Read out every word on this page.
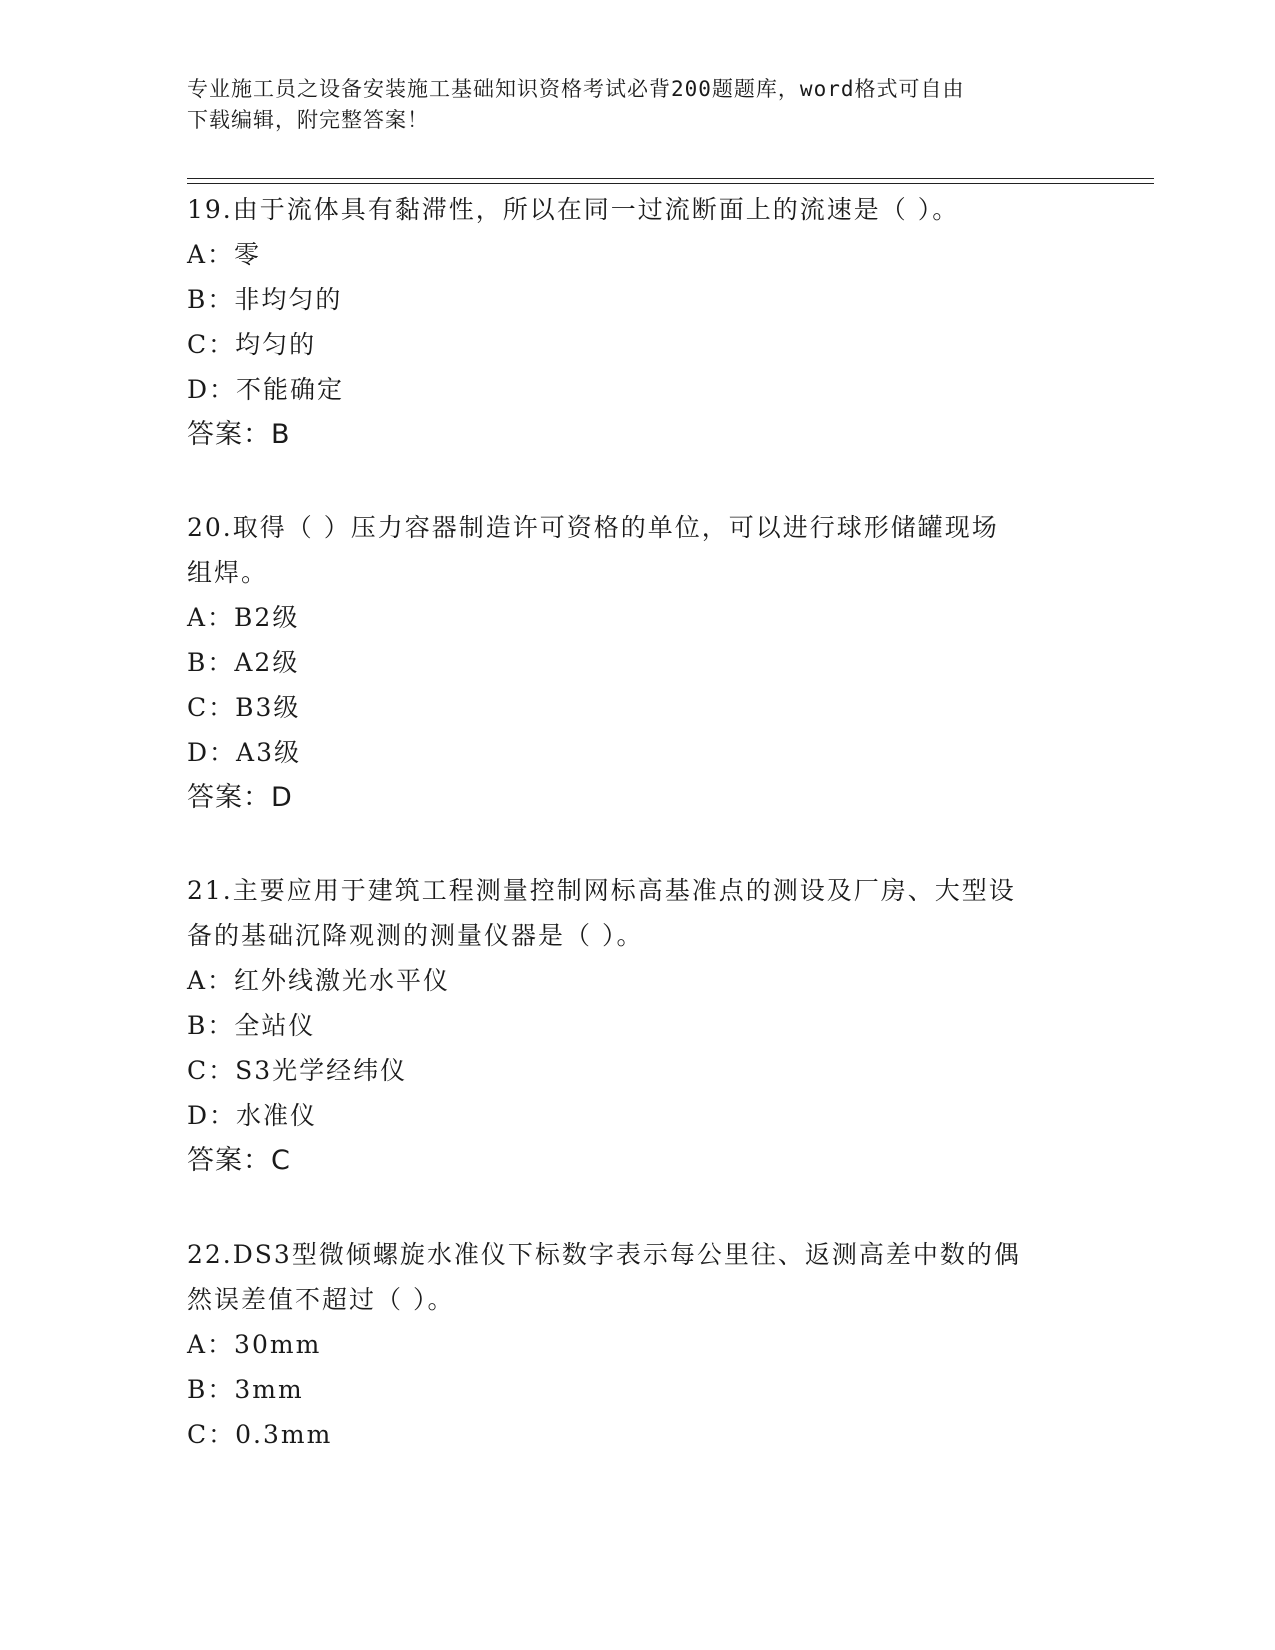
专业施工员之设备安装施工基础知识资格考试必背200题题库，word格式可自由
下载编辑，附完整答案！

19.由于流体具有黏滞性，所以在同一过流断面上的流速是（ ）。

A：零

B：非均匀的

C：均匀的

D：不能确定

答案：B

20.取得（ ）压力容器制造许可资格的单位，可以进行球形储罐现场

组焊。

A：B2级

B：A2级

C：B3级

D：A3级

答案：D

21.主要应用于建筑工程测量控制网标高基准点的测设及厂房、大型设

备的基础沉降观测的测量仪器是（ ）。

A：红外线激光水平仪

B：全站仪

C：S3光学经纬仪

D：水准仪

答案：C

22.DS3型微倾螺旋水准仪下标数字表示每公里往、返测高差中数的偶

然误差值不超过（ ）。

A：30mm

B：3mm

C：0.3mm
